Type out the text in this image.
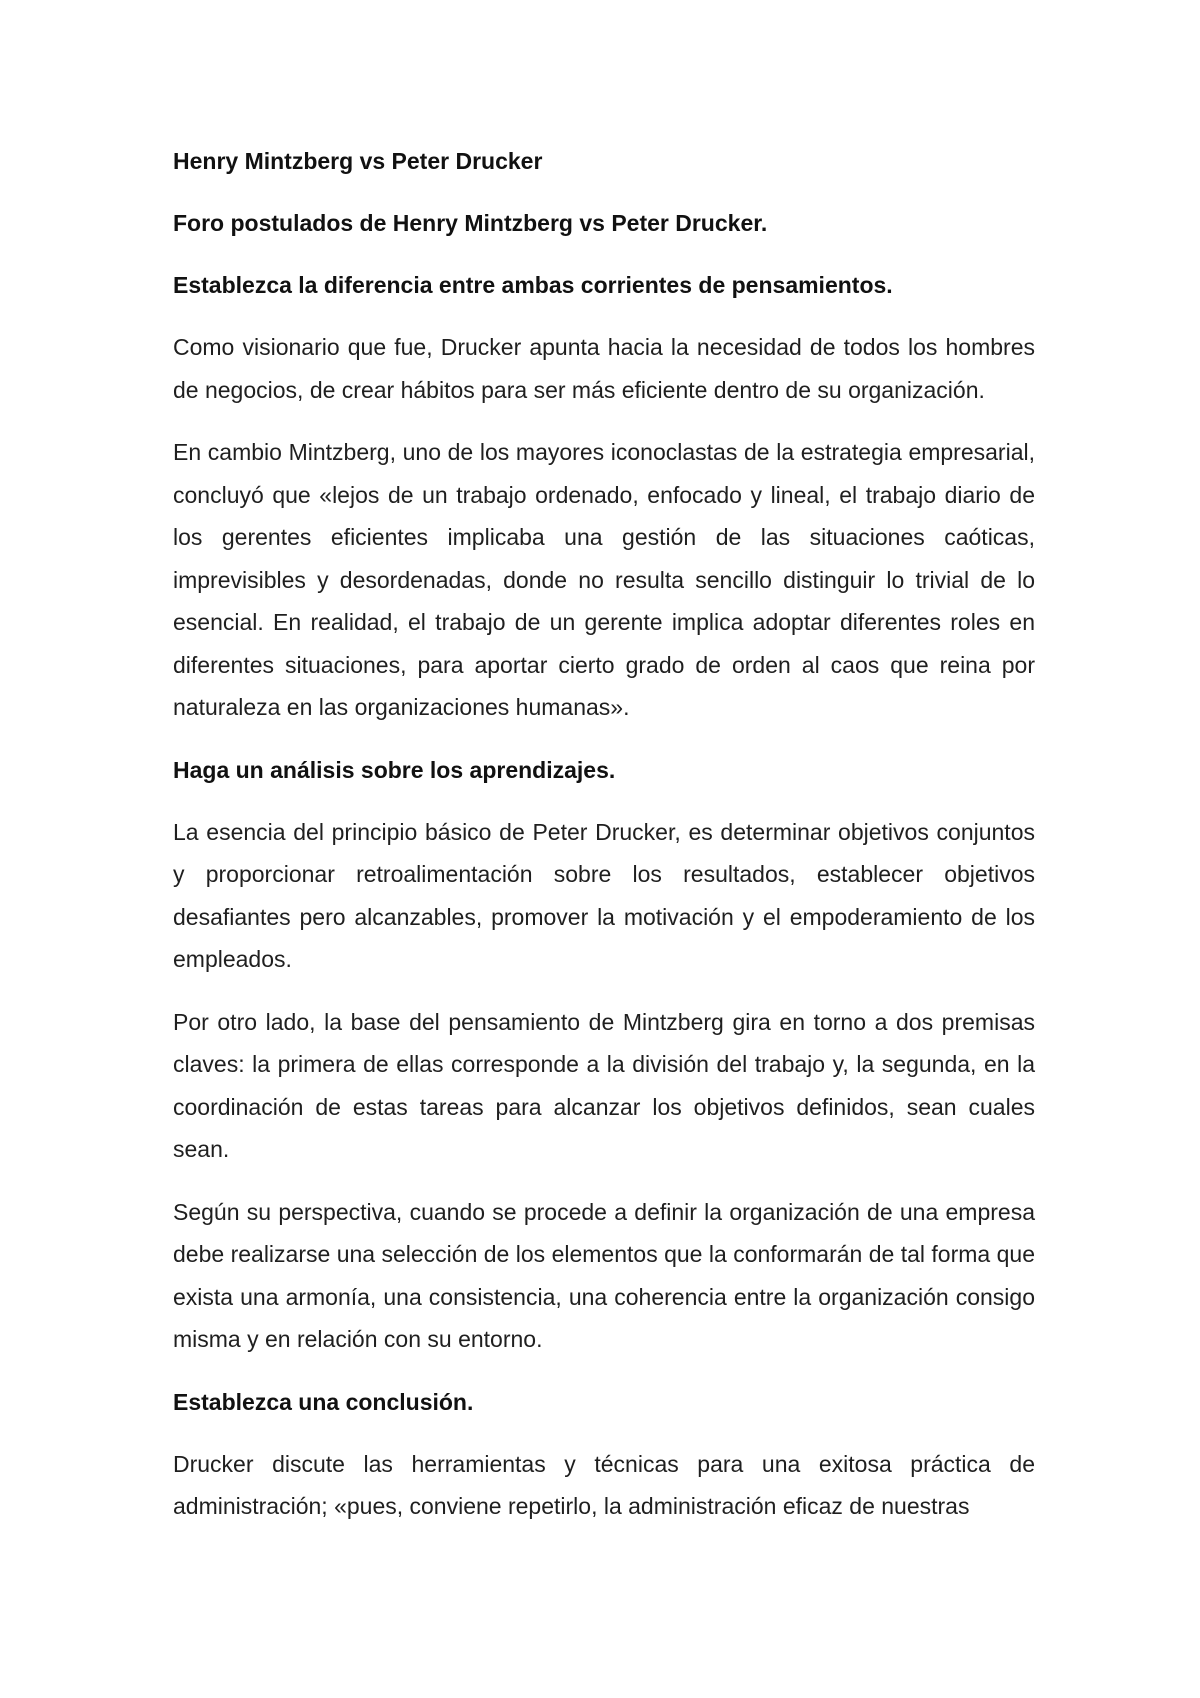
Henry Mintzberg vs Peter Drucker

Foro postulados de Henry Mintzberg vs Peter Drucker.

Establezca la diferencia entre ambas corrientes de pensamientos.

Como visionario que fue, Drucker apunta hacia la necesidad de todos los hombres de negocios, de crear hábitos para ser más eficiente dentro de su organización.

En cambio Mintzberg, uno de los mayores iconoclastas de la estrategia empresarial, concluyó que «lejos de un trabajo ordenado, enfocado y lineal, el trabajo diario de los gerentes eficientes implicaba una gestión de las situaciones caóticas, imprevisibles y desordenadas, donde no resulta sencillo distinguir lo trivial de lo esencial. En realidad, el trabajo de un gerente implica adoptar diferentes roles en diferentes situaciones, para aportar cierto grado de orden al caos que reina por naturaleza en las organizaciones humanas».

Haga un análisis sobre los aprendizajes.

La esencia del principio básico de Peter Drucker, es determinar objetivos conjuntos y proporcionar retroalimentación sobre los resultados, establecer objetivos desafiantes pero alcanzables, promover la motivación y el empoderamiento de los empleados.

Por otro lado, la base del pensamiento de Mintzberg gira en torno a dos premisas claves: la primera de ellas corresponde a la división del trabajo y, la segunda, en la coordinación de estas tareas para alcanzar los objetivos definidos, sean cuales sean.

Según su perspectiva, cuando se procede a definir la organización de una empresa debe realizarse una selección de los elementos que la conformarán de tal forma que exista una armonía, una consistencia, una coherencia entre la organización consigo misma y en relación con su entorno.

Establezca una conclusión.

Drucker discute las herramientas y técnicas para una exitosa práctica de administración; «pues, conviene repetirlo, la administración eficaz de nuestras
